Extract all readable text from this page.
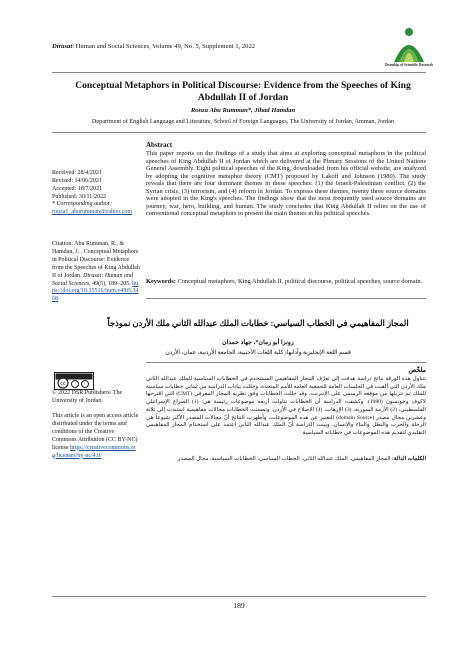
Dirasat: Human and Social Sciences, Volume 49, No. 5, Supplement 1, 2022
Deanship of Scientific Research
Conceptual Metaphors in Political Discourse: Evidence from the Speeches of King Abdullah II of Jordan
Ronza Abu Rumman*, Jihad Hamdan
Department of English Language and Literature, School of Foreign Languages, The University of Jordan, Amman, Jordan
Received: 28/4/2021
Revised: 14/06/2021
Accepted: 18/7/2021
Published: 30/11/2022
* Corresponding author:
ronza1_aburumman@yahoo.com
Citation: Abu Rumman, R., & Hamdan, J. . Conceptual Metaphors in Political Discourse: Evidence from the Speeches of King Abdullah II of Jordan. Dirasat: Human and Social Sciences, 49(5), 189–205. https://doi.org/10.35516/hum.v49i5.3468
cc
© 2022 DSR Publishers/ The University of Jordan.
This article is an open access article distributed under the terms and conditions of the Creative Commons Attribution (CC BY-NC) license https://creativecommons.org/licenses/by-nc/4.0/
Abstract
This paper reports on the findings of a study that aims at exploring conceptual metaphors in the political speeches of King Abdullah II of Jordan which are delivered at the Plenary Sessions of the United Nations General Assembly. Eight political speeches of the King, downloaded from his official website, are analyzed by adopting the cognitive metaphor theory (CMT) proposed by Lakoff and Johnson (1980). The study reveals that there are four dominant themes in these speeches: (1) the Israeli-Palestinian conflict, (2) the Syrian crisis, (3) terrorism, and (4) reform in Jordan. To express these themes, twenty three source domains were adopted in the King's speeches. The findings show that the most frequently used source domains are journey, war, hero, building, and human. The study concludes that King Abdullah II relies on the use of conventional conceptual metaphors to present the main themes in his political speeches.
Keywords: Conceptual metaphors, King Abdullah II, political discourse, political speeches, source domain.
المجاز المفاهيمي في الخطاب السياسي: خطابات الملك عبدالله الثاني ملك الأردن نموذجاً
رونزا أبو رمان*، جهاد حمدان
قسم اللغة الإنجليزية وآدابها، كلية اللغات الأجنبية، الجامعة الأردنية، عمان، الأردن
ملخّص
تتناول هذه الورقة نتائج دراسة هدفت إلى تعرّف المجاز المفاهيمي المستخدم في الخطابات السياسية للملك عبدالله الثاني ملك الأردن التي ألقيت في الجلسات العامة للجمعية العامة للأمم المتحدة. وحللت بيانات الدراسة من ثماني خطابات سياسية للملك تم تنزيلها من موقعه الرسمي على الإنترنت، وقد حللت الخطابات وفق نظرية المجاز المعرفي (CMT) التي اقترحها لاكوف وجونسون (1980). وكشفت الدراسة أن الخطابات تناولت أربعة موضوعات رئيسة هي: (1) الصراع الإسرائيلي الفلسطيني، (2) الأزمة السورية، (3) الإرهاب، (4) الإصلاح في الأردن. وتضمنت الخطابات مجالات مفاهيمية استندت إلى ثلاثة وعشرين مجال مصدر (domain Source) للتعبير عن هذه الموضوعات، وأظهرت النتائج أنّ مجالات المصدر الأكثر شيوعاً هي الرحلة والحرب والبطل والبناء والإنسان. وبينت الدراسة أنّ الملك عبدالله الثاني اعتمد على استخدام المجاز المفاهيمي التقليدي لتقديم هذه الموضوعات في خطاباته السياسية.
الكلمات الدالة: المجاز المفاهيمي، الملك عبدالله الثاني، الخطاب السياسي، الخطابات السياسية، مجال المصدر.
189
